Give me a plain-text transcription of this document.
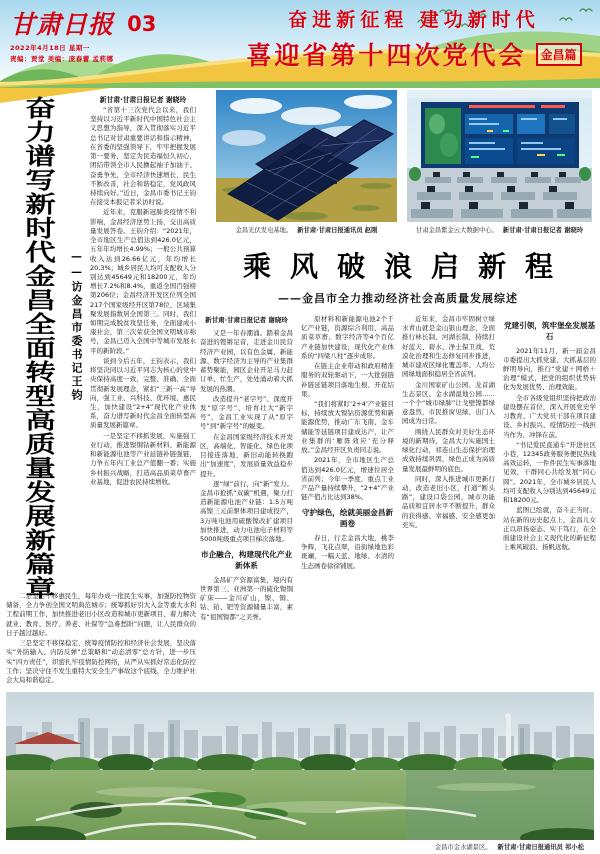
甘肃日报 03
2022年4月18日 星期一
责编：贾堂 美编：庞春蕾 孟莉娜
奋进新征程 建功新时代
喜迎省第十四次党代会	金昌篇
奋力谱写新时代金昌全面转型高质量发展新篇章 ——访金昌市委书记王钧
新甘肃·甘肃日报记者 谢晓玲

“省第十三次党代会以来，我们坚持以习近平新时代中国特色社会主义思想为指导，深入贯彻落实习近平总书记对甘肃重要讲话和指示精神，在省委的坚强领导下，牢牢把握发展第一要务，坚定为民造福恒久初心，团结带领全市人民撸起袖子加油干、奋勇争先，全市经济快速增长，民生不断改善，社会和谐稳定，党风政风持续向好。”近日，金昌市委书记王钧在接受本报记者采访时说。

近年来，克服新冠肺炎疫情不利影响，金昌经济逆势上扬，交出高质量发展答卷。王钧介绍：“2021年，全市地区生产总值达到426.0亿元，五年年均增长4.99%；一般公共预算收入达到26.66亿元，年均增长20.3%；城乡居民人均可支配收入分别达到45649元和18200元，年均增长7.2%和8.4%，重返全国百强榜第206位；金昌经济开发区位列全国217个国家级经开区第78位，区域集聚发展指数居全国第三。同时，我们如期完成脱贫攻坚任务，全面建成小康社会，第三次荣获全国文明城市称号，金昌已迈入全国中等城市发展水平的新阶段。”

谈到今后五年，王钧表示，我们将坚决同以习近平同志为核心的党中央保持高度一致，完整、准确、全面贯彻新发展理念，紧扣“三新一高”导向，强工业、兴科技、优环境、惠民生，加快建设“2+4”现代化产业体系，奋力谱写新时代金昌全面转型高质量发展新篇章。

一是坚定不移抓发展，实施强工业行动，推进镍铜钴新材料、新能源和新能源电池等产业延链补链强链，力争五年内工业总产值翻一番；实施乡村振兴战略，打造高品质菜草畜产业基地，促进农民持续增收。

二是坚定不移惠民生，每年办成一批民生实事，加强防控物资储备，全力争创全国文明典范城市；统筹抓好引大入金等重大水利工程前期工作，加快推进老旧小区改造和城市更新项目，着力解决就业、教育、医疗、养老、社保等“急难愁盼”问题，让人民群众的日子越过越好。

三是坚定不移保稳定，统筹疫情防控和经济社会发展，坚决落实“外防输入、内防反弹”总策略和“动态清零”总方针，进一步压实“四方责任”，织密扎牢疫情防控网络，从严从实抓好常态化防控工作；坚决守住不发生重特大安全生产事故这个底线，全力维护社会大局和谐稳定。

金昌光伏发电基地。 新甘肃·甘肃日报通讯员 赵刚	甘肃金昌紫金云大数据中心。 新甘肃·甘肃日报记者 谢晓玲
乘风破浪启新程
——金昌市全力推动经济社会高质量发展综述

新甘肃·甘肃日报记者 谢晓玲

又是一年春潮涌。踏着金昌奋进的铿锵足音，走进金川民营经济产业园，以有色金属、新能源、数字经济为主导的产业集群蓄势聚能，园区企业开足马力赶订单、忙生产，处处涌动着大抓发展的热潮。

改造提升“老字号”、深度开发“原字号”、培育壮大“新字号”，金昌工业实现了从“原字号”到“新字号”的蜕变。

在金昌国家级经济技术开发区，高端化、智能化、绿色化项目接连落地，新旧动能转换跑出“加速度”，发展质量效益稳步提升。

逐“绿”前行，向“新”发力。金昌市抢抓“双碳”机遇，聚力打造新能源电池产业链：1.5万吨高镍三元前驱体项目建成投产，3万吨电池用硫酸镍改扩建项目加快推进，动力电池电子材料等5000吨级重点项目梯次落地。

市企融合，构建现代化产业新体系

金昌矿产资源富集，境内有世界第三、亚洲第一的硫化镍铜矿床——金川矿山，镍、铜、钴、铂、钯等资源储量丰富，素有“祖国镍都”之美誉。

原材料和新能源电池2个千亿产业链，资源综合利用、高品质菜草畜、数字经济等4个百亿产业链加快建设，现代化产业体系的“四梁八柱”逐步成形。

在链主企业带动和政府精准服务的双轮驱动下，一大批强链补链延链项目落地生根、开花结果。

“我们将紧盯‘2+4’产业链目标，持续放大镍钴资源优势和新能源优势，推动广东飞南、金车储能等延链项目建成达产，让产业集群的‘雁阵效应’充分释放。”金昌经开区负责同志说。

2021年，全市地区生产总值达到426.0亿元，增速位居全省前列；今年一季度，重点工业产品产量持续攀升，“2+4”产业链产值占比达到38%。

守护绿色，绘就美丽金昌新画卷

春日，行走金昌大地，桃李争辉，飞花点翠，沿街绿地色彩斑斓，一幅天蓝、地绿、水清的生态画卷徐徐铺展。

近年来，金昌市牢固树立绿水青山就是金山银山理念，全面推行林长制、河湖长制，持续打好蓝天、碧水、净土保卫战，荒漠化治理和生态修复同步推进，城市建成区绿化覆盖率、人均公园绿地面积稳居全省前列。

金川国家矿山公园、龙首湖生态景区、金水湖湿地公园……一个个“城市绿肺”让戈壁镍都绿意盎然，市民推窗见绿、出门入园成为日常。

围绕人民群众对美好生态环境的新期待，金昌大力实施国土绿化行动，祁连山生态保护治理成效持续巩固，绿色正成为高质量发展最鲜明的底色。

同时，深入推进城市更新行动，改造老旧小区，打通“断头路”，建设口袋公园，城市功能品质和宜居水平不断提升，群众的获得感、幸福感、安全感更加充实。

党建引领，筑牢堡垒发展基石

2021年11月，新一届金昌市委提出大抓党建、大抓基层的鲜明导向，推行“党建＋网格＋治理”模式，把党的组织优势转化为发展优势、治理效能。

全市各级党组织坚持把政治建设摆在首位，深入开展党史学习教育，广大党员干部在项目建设、乡村振兴、疫情防控一线担当作为、冲锋在前。

“书记爱民直通车”开进社区小巷，12345政务服务便民热线高效运转，一件件民生实事落地见效，干群同心共绘发展“同心圆”。2021年，全市城乡居民人均可支配收入分别达到45649元和18200元。

蓝图已绘就，奋斗正当时。站在新的历史起点上，金昌儿女正以昂扬姿态、实干笃行，在全面建设社会主义现代化的新征程上乘风破浪、扬帆远航。

金昌市金水湖景区。 新甘肃·甘肃日报通讯员 祁小松
